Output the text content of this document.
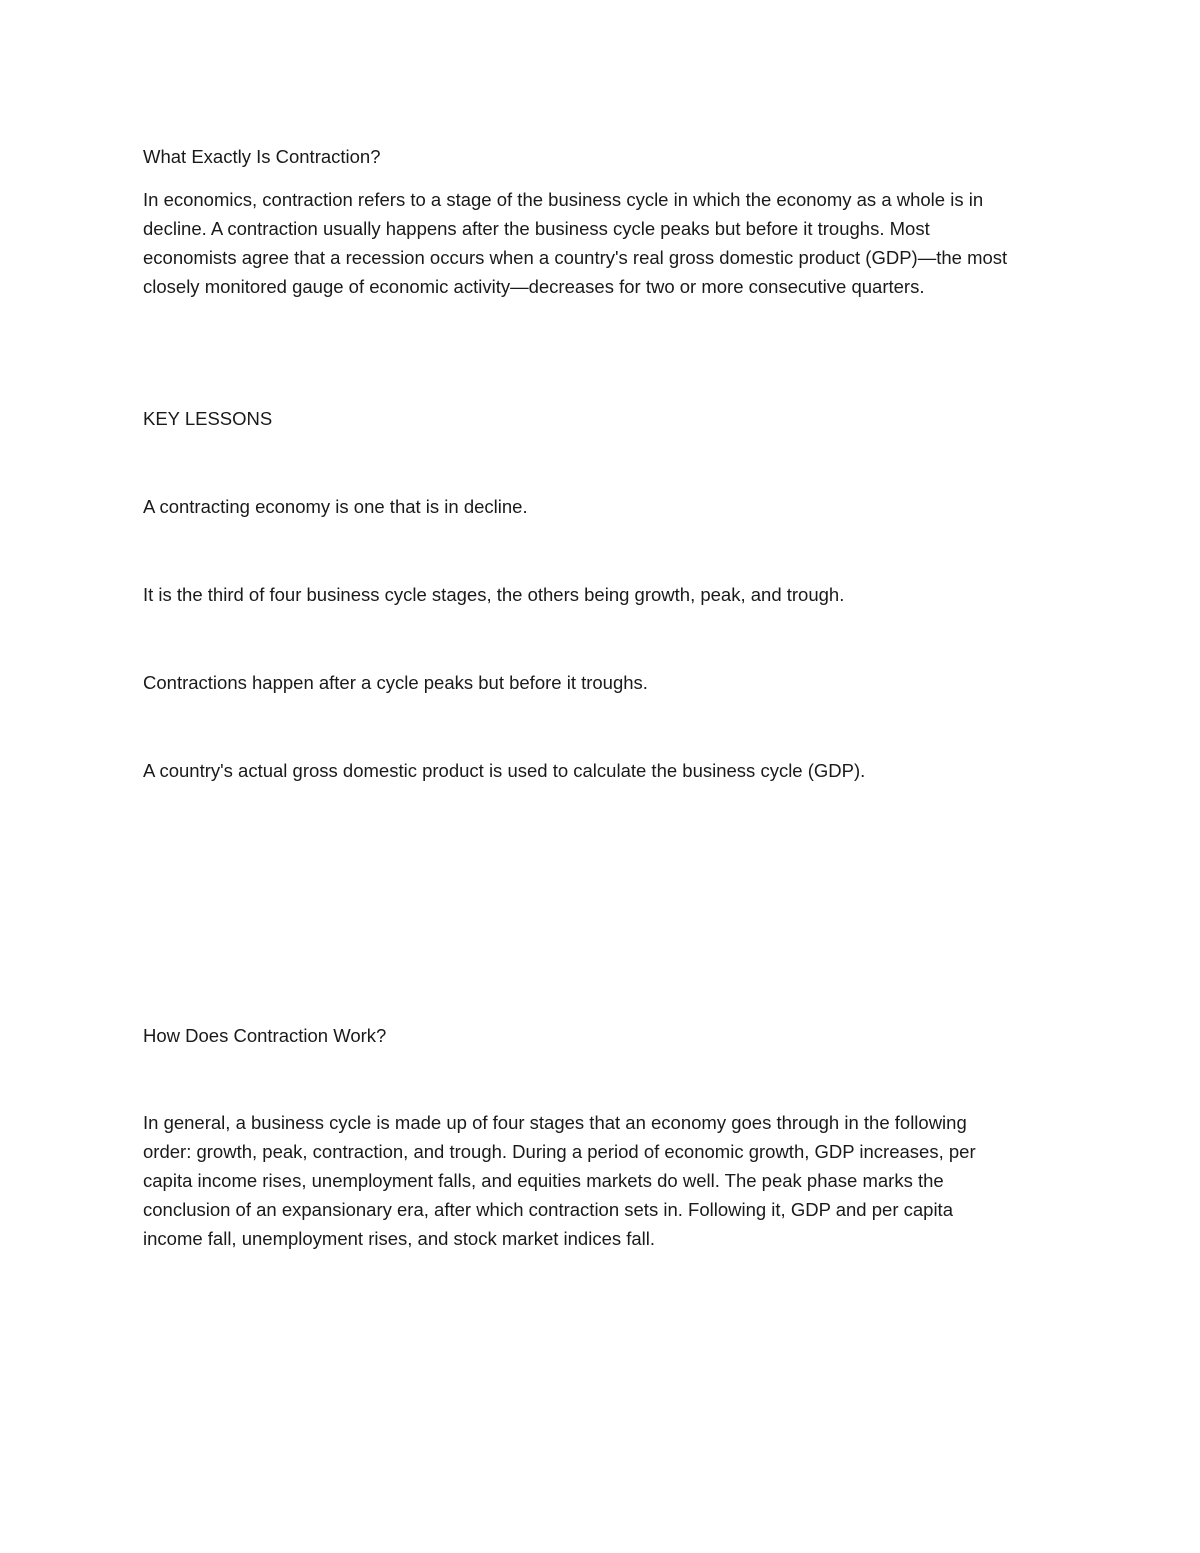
What Exactly Is Contraction?

In economics, contraction refers to a stage of the business cycle in which the economy as a whole is in
decline. A contraction usually happens after the business cycle peaks but before it troughs. Most
economists agree that a recession occurs when a country's real gross domestic product (GDP)—the most
closely monitored gauge of economic activity—decreases for two or more consecutive quarters.

KEY LESSONS

A contracting economy is one that is in decline.

It is the third of four business cycle stages, the others being growth, peak, and trough.

Contractions happen after a cycle peaks but before it troughs.

A country's actual gross domestic product is used to calculate the business cycle (GDP).

How Does Contraction Work?

In general, a business cycle is made up of four stages that an economy goes through in the following
order: growth, peak, contraction, and trough. During a period of economic growth, GDP increases, per
capita income rises, unemployment falls, and equities markets do well. The peak phase marks the
conclusion of an expansionary era, after which contraction sets in. Following it, GDP and per capita
income fall, unemployment rises, and stock market indices fall.
